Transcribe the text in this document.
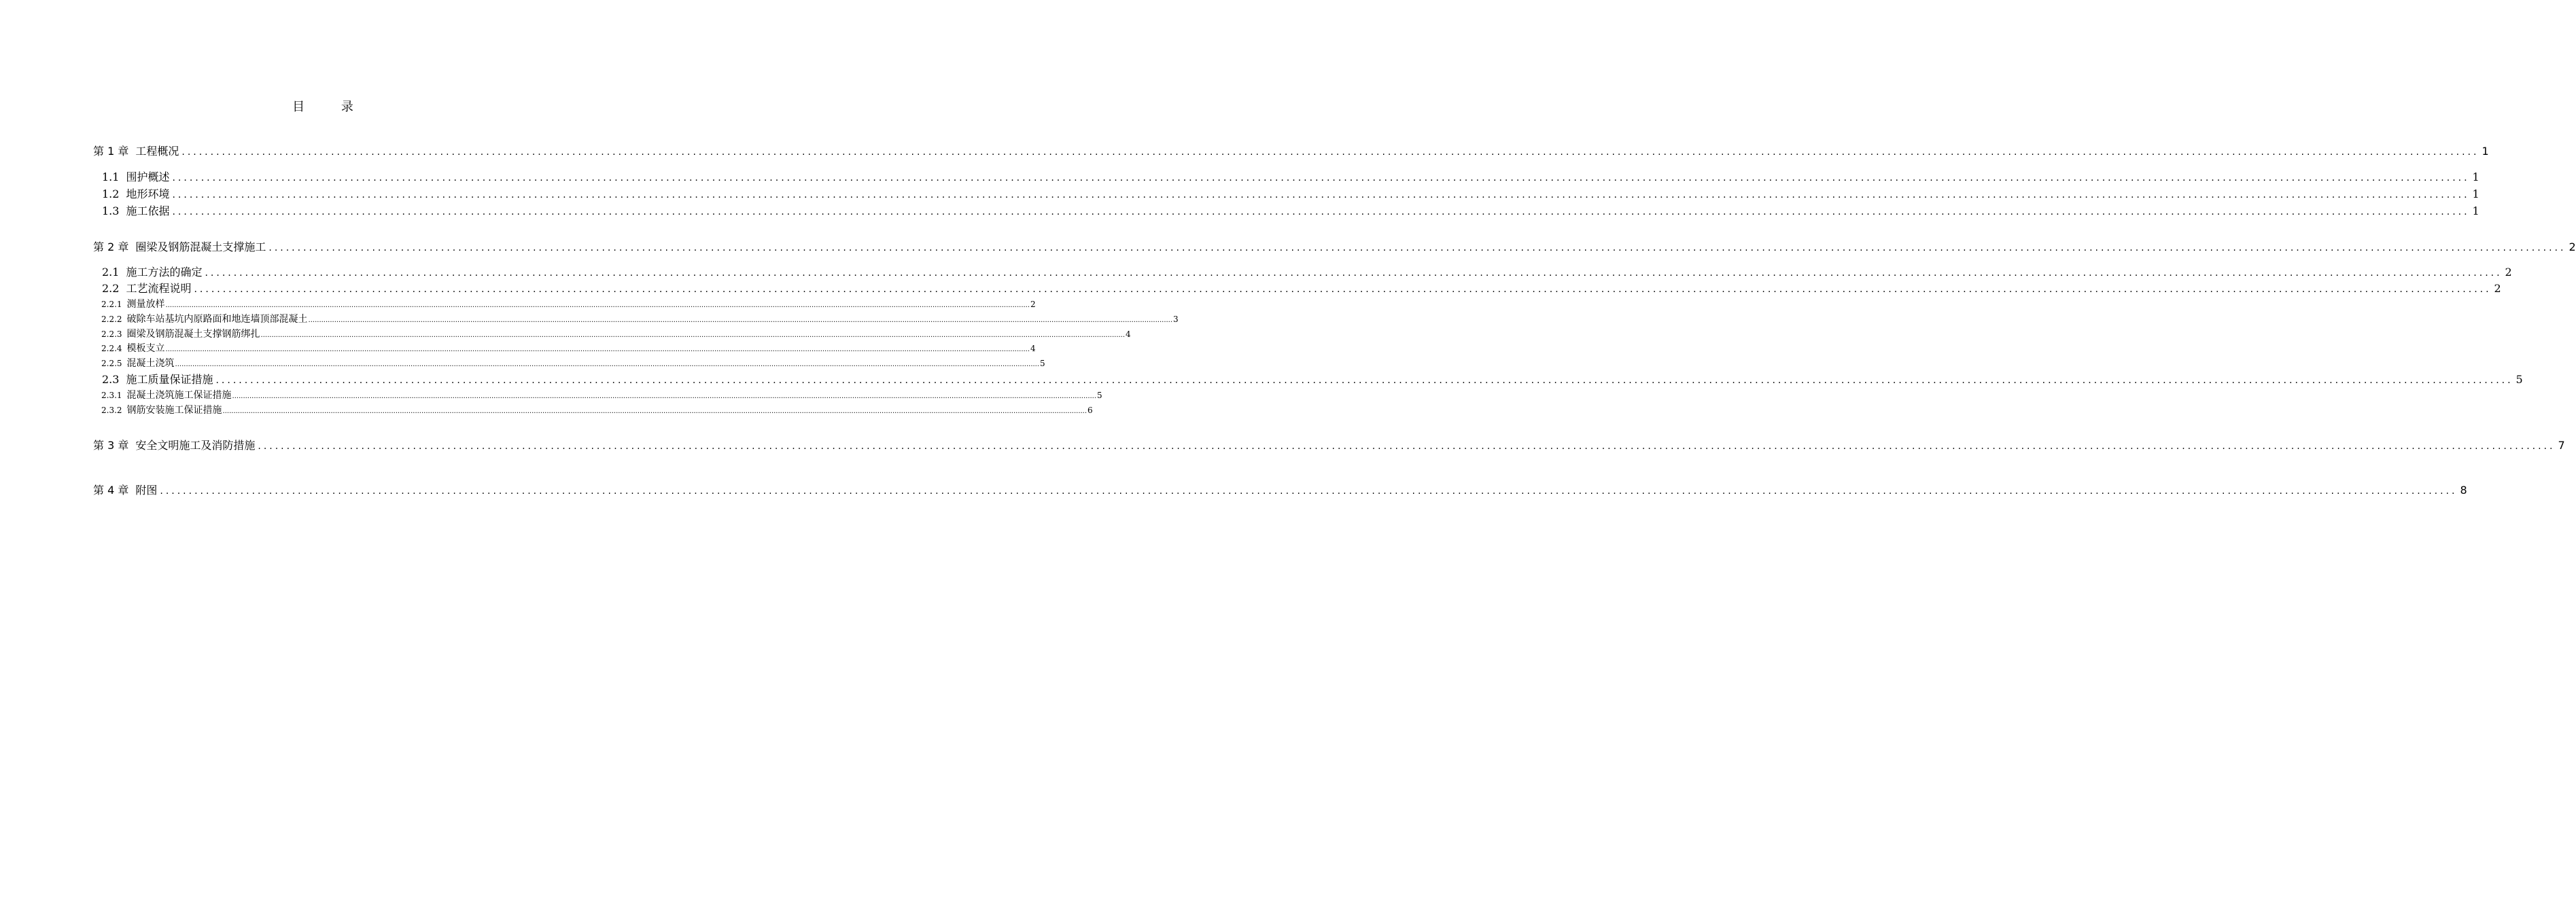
目 录
第 1 章 工程概况 ................................................................................................................................................................................................................................................................................................................................................................................................................ 1
1.1 围护概述 ................................................................................................................................................................................................................................................................................................................................................................................................................ 1
1.2 地形环境 ................................................................................................................................................................................................................................................................................................................................................................................................................ 1
1.3 施工依据 ................................................................................................................................................................................................................................................................................................................................................................................................................ 1
第 2 章 圈梁及钢筋混凝土支撑施工 ................................................................................................................................................................................................................................................................................................................................................................................................................ 2
2.1 施工方法的确定 ................................................................................................................................................................................................................................................................................................................................................................................................................ 2
2.2 工艺流程说明 ................................................................................................................................................................................................................................................................................................................................................................................................................ 2
2.2.1 测量放样 ................................................................................................................................................................................................................................................................................................................................................................................................................ 2
2.2.2 破除车站基坑内原路面和地连墙顶部混凝土 ................................................................................................................................................................................................................................................................................................................................................................................................................ 3
2.2.3 圈梁及钢筋混凝土支撑钢筋绑扎 ................................................................................................................................................................................................................................................................................................................................................................................................................ 4
2.2.4 模板支立 ................................................................................................................................................................................................................................................................................................................................................................................................................ 4
2.2.5 混凝土浇筑 ................................................................................................................................................................................................................................................................................................................................................................................................................ 5
2.3 施工质量保证措施 ................................................................................................................................................................................................................................................................................................................................................................................................................ 5
2.3.1 混凝土浇筑施工保证措施 ................................................................................................................................................................................................................................................................................................................................................................................................................ 5
2.3.2 钢筋安装施工保证措施 ................................................................................................................................................................................................................................................................................................................................................................................................................ 6
第 3 章 安全文明施工及消防措施 ................................................................................................................................................................................................................................................................................................................................................................................................................ 7
第 4 章 附图 ................................................................................................................................................................................................................................................................................................................................................................................................................ 8
